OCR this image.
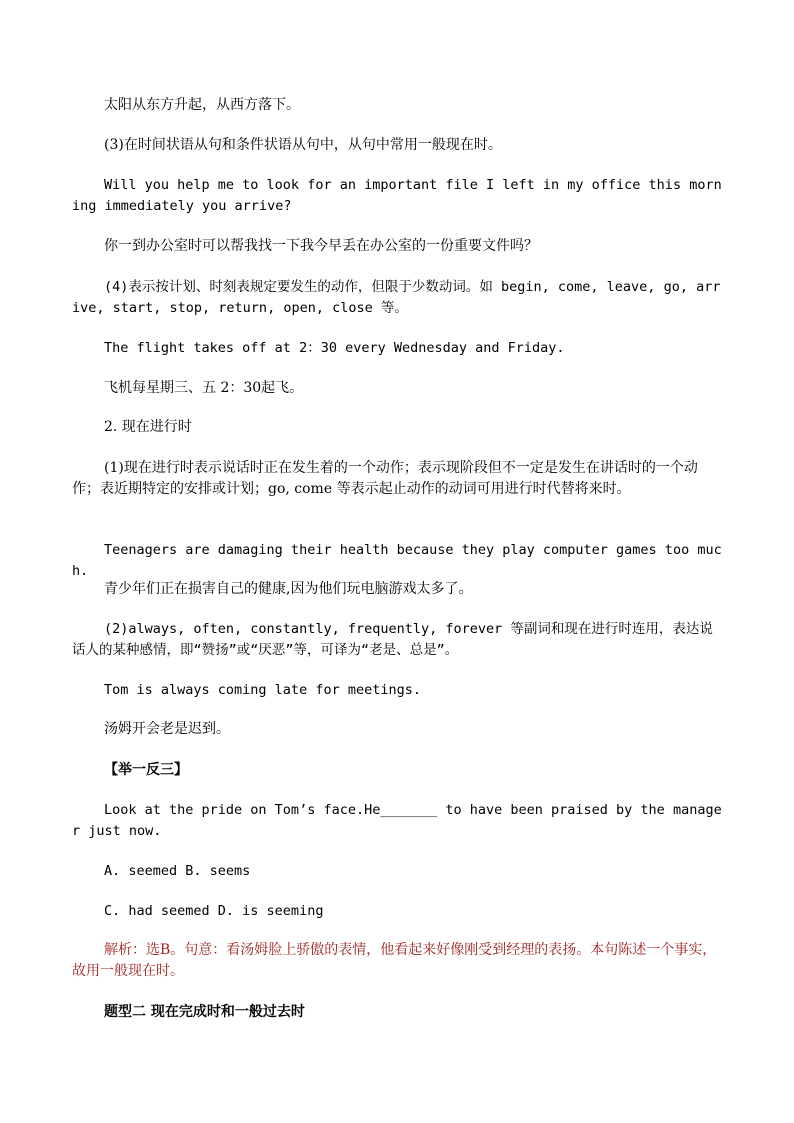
太阳从东方升起，从西方落下。

(3)在时间状语从句和条件状语从句中，从句中常用一般现在时。

Will you help me to look for an important file I left in my office this morning immediately you arrive?

你一到办公室时可以帮我找一下我今早丢在办公室的一份重要文件吗？

(4)表示按计划、时刻表规定要发生的动作，但限于少数动词。如 begin, come, leave, go, arrive, start, stop, return, open, close 等。

The flight takes off at 2：30 every Wednesday and Friday.

飞机每星期三、五 2：30起飞。

2. 现在进行时

(1)现在进行时表示说话时正在发生着的一个动作；表示现阶段但不一定是发生在讲话时的一个动作；表近期特定的安排或计划；go, come 等表示起止动作的动词可用进行时代替将来时。

Teenagers are damaging their health because they play computer games too much.

青少年们正在损害自己的健康,因为他们玩电脑游戏太多了。

(2)always, often, constantly, frequently, forever 等副词和现在进行时连用，表达说话人的某种感情，即“赞扬”或“厌恶”等，可译为“老是、总是”。

Tom is always coming late for meetings.

汤姆开会老是迟到。

【举一反三】

Look at the pride on Tom’s face.He_______ to have been praised by the manager just now.

A. seemed B. seems

C. had seemed D. is seeming

解析：选B。句意：看汤姆脸上骄傲的表情，他看起来好像刚受到经理的表扬。本句陈述一个事实，故用一般现在时。

题型二 现在完成时和一般过去时
